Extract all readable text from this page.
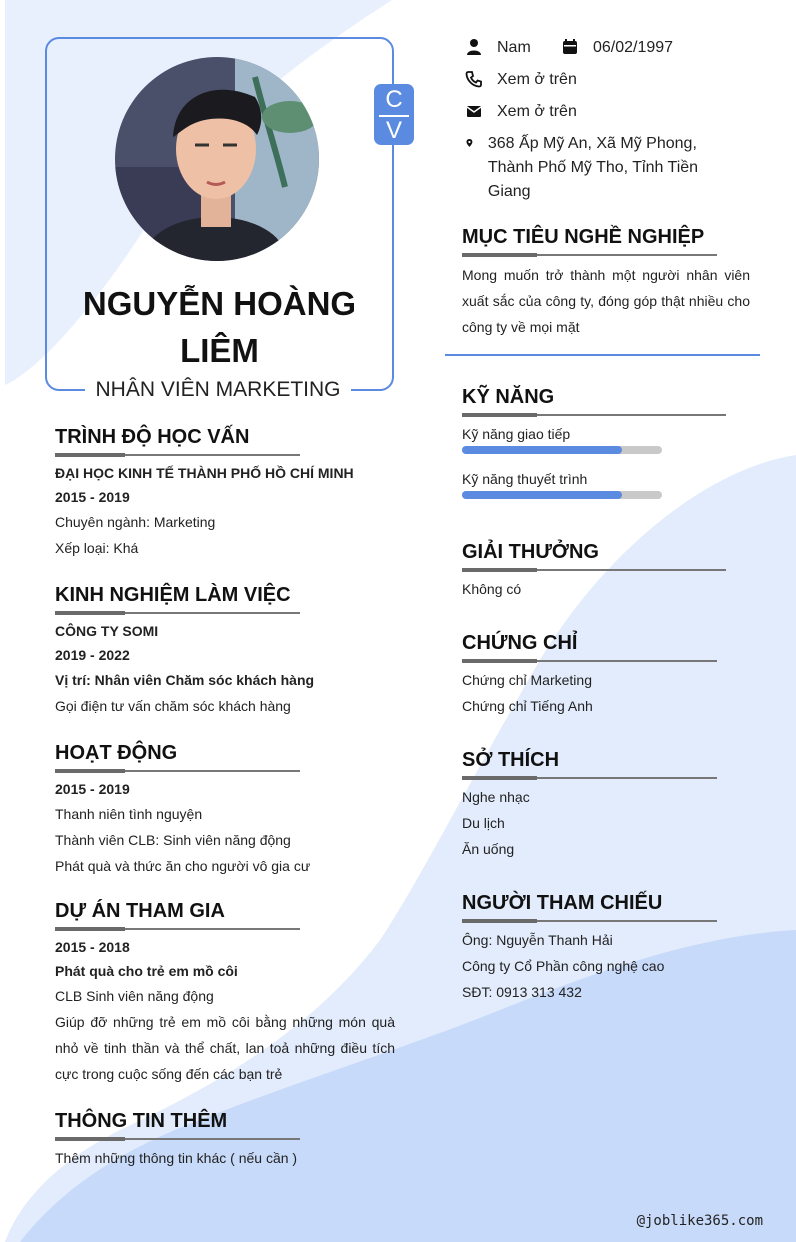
C
V
NGUYỄN HOÀNG LIÊM
NHÂN VIÊN MARKETING
Nam	06/02/1997
Xem ở trên
Xem ở trên
368 Ấp Mỹ An, Xã Mỹ Phong, Thành Phố Mỹ Tho, Tỉnh Tiền Giang
MỤC TIÊU NGHỀ NGHIỆP
Mong muốn trở thành một người nhân viên xuất sắc của công ty, đóng góp thật nhiều cho công ty về mọi mặt
TRÌNH ĐỘ HỌC VẤN
ĐẠI HỌC KINH TẾ THÀNH PHỐ HỒ CHÍ MINH
2015 - 2019
Chuyên ngành: Marketing
Xếp loại: Khá
KINH NGHIỆM LÀM VIỆC
CÔNG TY SOMI
2019 - 2022
Vị trí: Nhân viên Chăm sóc khách hàng
Gọi điện tư vấn chăm sóc khách hàng
HOẠT ĐỘNG
2015 - 2019
Thanh niên tình nguyện
Thành viên CLB: Sinh viên năng động
Phát quà và thức ăn cho người vô gia cư
DỰ ÁN THAM GIA
2015 - 2018
Phát quà cho trẻ em mồ côi
CLB Sinh viên năng động
Giúp đỡ những trẻ em mồ côi bằng những món quà nhỏ về tinh thần và thể chất, lan toả những điều tích cực trong cuộc sống đến các bạn trẻ
THÔNG TIN THÊM
Thêm những thông tin khác ( nếu cần )
KỸ NĂNG
Kỹ năng giao tiếp
Kỹ năng thuyết trình
GIẢI THƯỞNG
Không có
CHỨNG CHỈ
Chứng chỉ Marketing
Chứng chỉ Tiếng Anh
SỞ THÍCH
Nghe nhạc
Du lịch
Ăn uống
NGƯỜI THAM CHIẾU
Ông: Nguyễn Thanh Hải
Công ty Cổ Phần công nghệ cao
SĐT: 0913 313 432
@joblike365.com
